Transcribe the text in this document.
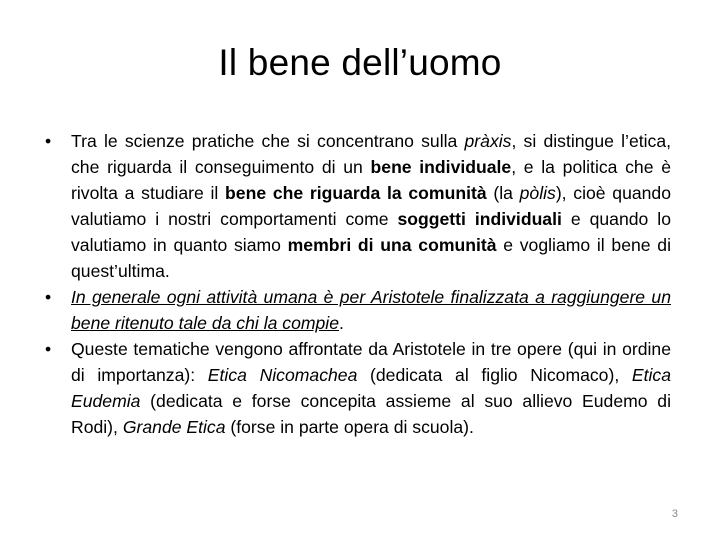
Il bene dell’uomo
•	Tra le scienze pratiche che si concentrano sulla pràxis, si distingue l’etica, che riguarda il conseguimento di un bene individuale, e la politica che è rivolta a studiare il bene che riguarda la comunità (la pòlis), cioè quando valutiamo i nostri comportamenti come soggetti individuali e quando lo valutiamo in quanto siamo membri di una comunità e vogliamo il bene di quest’ultima.
•	In generale ogni attività umana è per Aristotele finalizzata a raggiungere un bene ritenuto tale da chi la compie.
•	Queste tematiche vengono affrontate da Aristotele in tre opere (qui in ordine di importanza): Etica Nicomachea (dedicata al figlio Nicomaco), Etica Eudemia (dedicata e forse concepita assieme al suo allievo Eudemo di Rodi), Grande Etica (forse in parte opera di scuola).
3
